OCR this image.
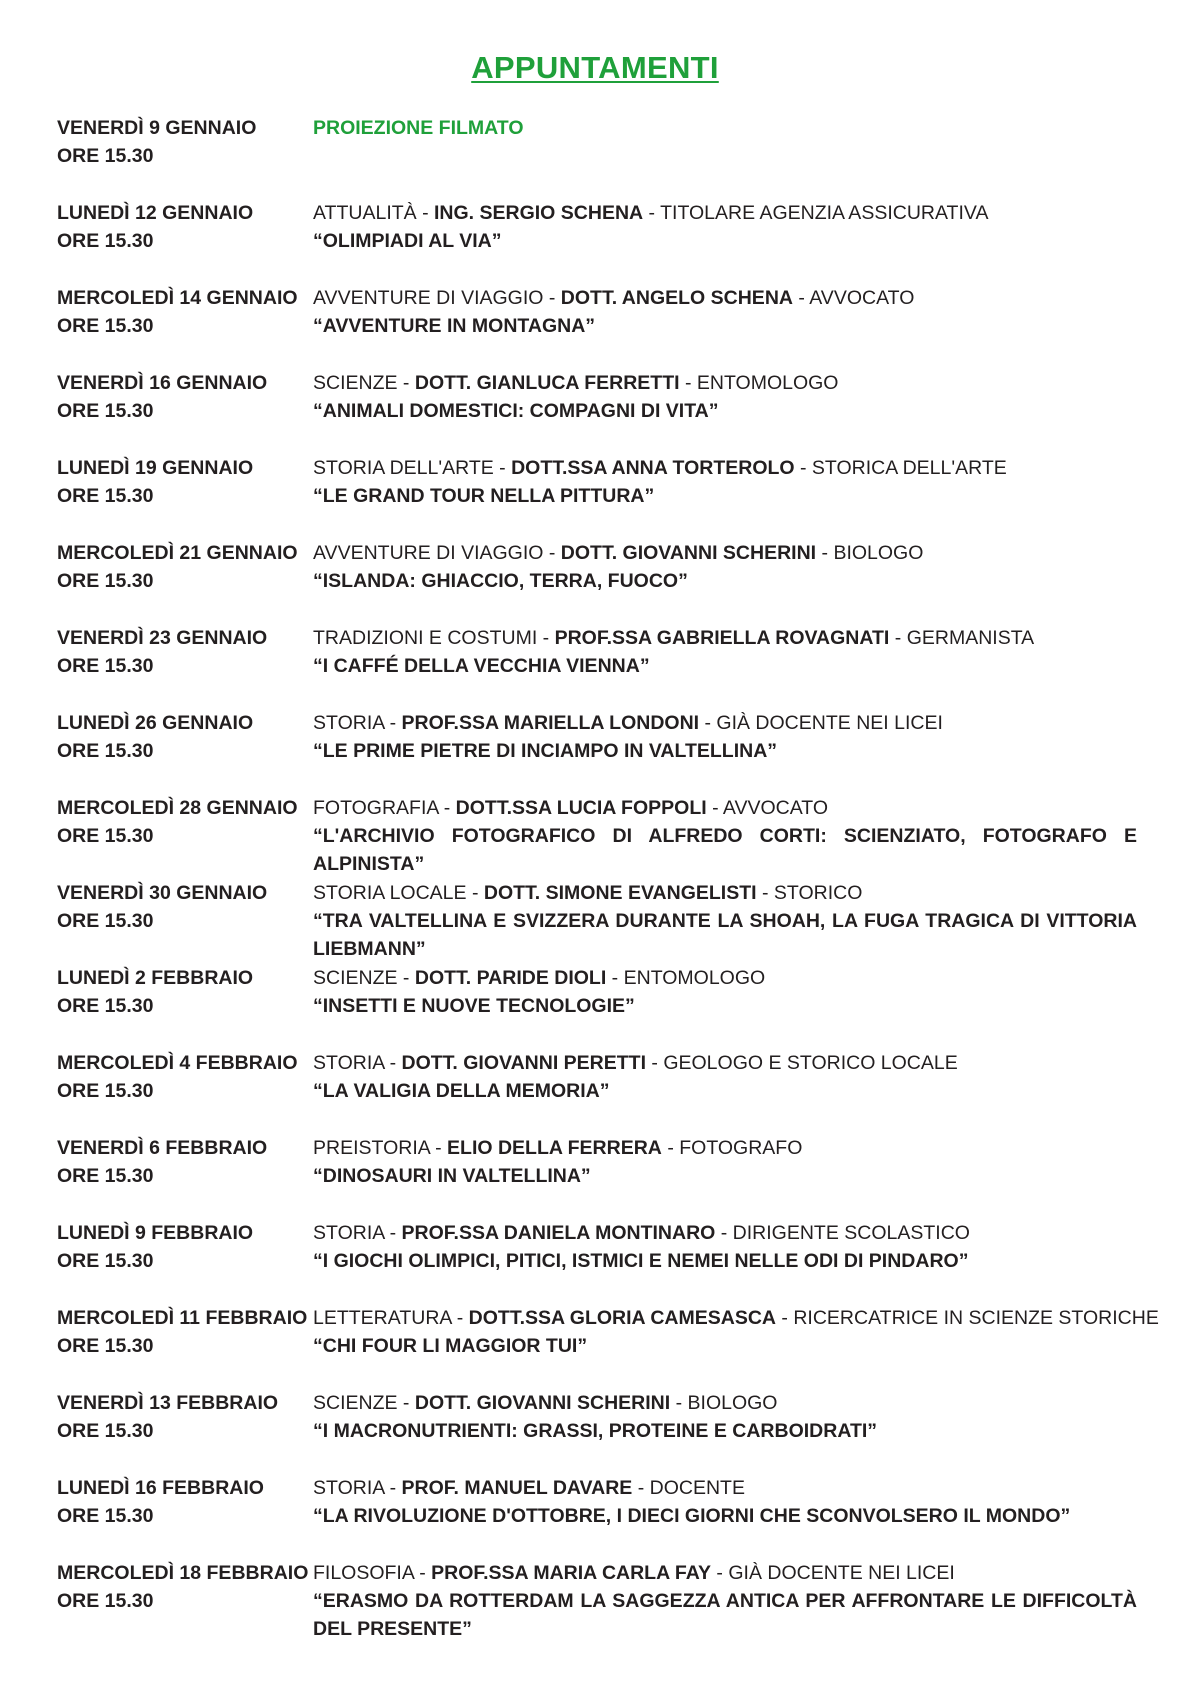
APPUNTAMENTI
VENERDÌ 9 GENNAIO
ORE 15.30
PROIEZIONE FILMATO
LUNEDÌ 12 GENNAIO
ORE 15.30
ATTUALITÀ - ING. SERGIO SCHENA - TITOLARE AGENZIA ASSICURATIVA
“OLIMPIADI AL VIA”
MERCOLEDÌ 14 GENNAIO
ORE 15.30
AVVENTURE DI VIAGGIO - DOTT. ANGELO SCHENA - AVVOCATO
“AVVENTURE IN MONTAGNA”
VENERDÌ 16 GENNAIO
ORE 15.30
SCIENZE - DOTT. GIANLUCA FERRETTI - ENTOMOLOGO
“ANIMALI DOMESTICI: COMPAGNI DI VITA”
LUNEDÌ 19 GENNAIO
ORE 15.30
STORIA DELL'ARTE - DOTT.SSA ANNA TORTEROLO - STORICA DELL'ARTE
“LE GRAND TOUR NELLA PITTURA”
MERCOLEDÌ 21 GENNAIO
ORE 15.30
AVVENTURE DI VIAGGIO - DOTT. GIOVANNI SCHERINI - BIOLOGO
“ISLANDA: GHIACCIO, TERRA, FUOCO”
VENERDÌ 23 GENNAIO
ORE 15.30
TRADIZIONI E COSTUMI - PROF.SSA GABRIELLA ROVAGNATI - GERMANISTA
“I CAFFÉ DELLA VECCHIA VIENNA”
LUNEDÌ 26 GENNAIO
ORE 15.30
STORIA - PROF.SSA MARIELLA LONDONI - GIÀ DOCENTE NEI LICEI
“LE PRIME PIETRE DI INCIAMPO IN VALTELLINA”
MERCOLEDÌ 28 GENNAIO
ORE 15.30
FOTOGRAFIA - DOTT.SSA LUCIA FOPPOLI - AVVOCATO
“L'ARCHIVIO FOTOGRAFICO DI ALFREDO CORTI: SCIENZIATO, FOTOGRAFO E ALPINISTA”
VENERDÌ 30 GENNAIO
ORE 15.30
STORIA LOCALE - DOTT. SIMONE EVANGELISTI - STORICO
“TRA VALTELLINA E SVIZZERA DURANTE LA SHOAH, LA FUGA TRAGICA DI VITTORIA LIEBMANN”
LUNEDÌ 2 FEBBRAIO
ORE 15.30
SCIENZE - DOTT. PARIDE DIOLI - ENTOMOLOGO
“INSETTI E NUOVE TECNOLOGIE”
MERCOLEDÌ 4 FEBBRAIO
ORE 15.30
STORIA - DOTT. GIOVANNI PERETTI - GEOLOGO E STORICO LOCALE
“LA VALIGIA DELLA MEMORIA”
VENERDÌ 6 FEBBRAIO
ORE 15.30
PREISTORIA - ELIO DELLA FERRERA - FOTOGRAFO
“DINOSAURI IN VALTELLINA”
LUNEDÌ 9 FEBBRAIO
ORE 15.30
STORIA - PROF.SSA DANIELA MONTINARO - DIRIGENTE SCOLASTICO
“I GIOCHI OLIMPICI, PITICI, ISTMICI E NEMEI NELLE ODI DI PINDARO”
MERCOLEDÌ 11 FEBBRAIO
ORE 15.30
LETTERATURA - DOTT.SSA GLORIA CAMESASCA - RICERCATRICE IN SCIENZE STORICHE
“CHI FOUR LI MAGGIOR TUI”
VENERDÌ 13 FEBBRAIO
ORE 15.30
SCIENZE - DOTT. GIOVANNI SCHERINI - BIOLOGO
“I MACRONUTRIENTI: GRASSI, PROTEINE E CARBOIDRATI”
LUNEDÌ 16 FEBBRAIO
ORE 15.30
STORIA - PROF. MANUEL DAVARE - DOCENTE
“LA RIVOLUZIONE D'OTTOBRE, I DIECI GIORNI CHE SCONVOLSERO IL MONDO”
MERCOLEDÌ 18 FEBBRAIO
ORE 15.30
FILOSOFIA - PROF.SSA MARIA CARLA FAY - GIÀ DOCENTE NEI LICEI
“ERASMO DA ROTTERDAM LA SAGGEZZA ANTICA PER AFFRONTARE LE DIFFICOLTÀ DEL PRESENTE”
